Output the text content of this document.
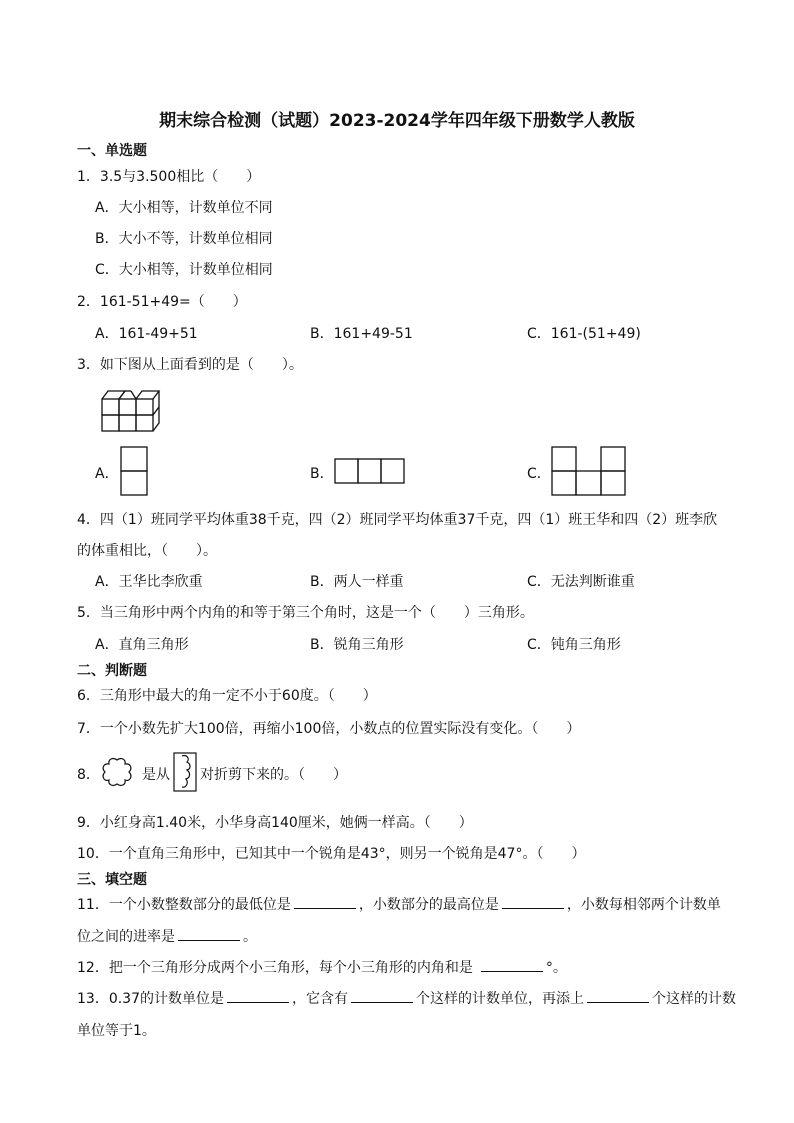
期末综合检测（试题）2023-2024学年四年级下册数学人教版
一、单选题
1．3.5与3.500相比（　　）
A．大小相等，计数单位不同
B．大小不等，计数单位相同
C．大小相等，计数单位相同
2．161-51+49=（　　）
A．161-49+51	B．161+49-51	C．161-(51+49)
3．如下图从上面看到的是（　　）。
A．	B．	C．
4．四（1）班同学平均体重38千克，四（2）班同学平均体重37千克，四（1）班王华和四（2）班李欣
的体重相比，（　　）。
A．王华比李欣重	B．两人一样重	C．无法判断谁重
5．当三角形中两个内角的和等于第三个角时，这是一个（　　）三角形。
A．直角三角形	B．锐角三角形	C．钝角三角形
二、判断题
6．三角形中最大的角一定不小于60度。（　　）
7．一个小数先扩大100倍，再缩小100倍，小数点的位置实际没有变化。（　　）
8．	是从 对折剪下来的。（　　）
9．小红身高1.40米，小华身高140厘米，她俩一样高。（　　）
10．一个直角三角形中，已知其中一个锐角是43°，则另一个锐角是47°。（　　）
三、填空题
11．一个小数整数部分的最低位是	，小数部分的最高位是	，小数每相邻两个计数单
位之间的进率是	。
12．把一个三角形分成两个小三角形，每个小三角形的内角和是	°。
13．0.37的计数单位是	，它含有	个这样的计数单位，再添上	个这样的计数
单位等于1。
